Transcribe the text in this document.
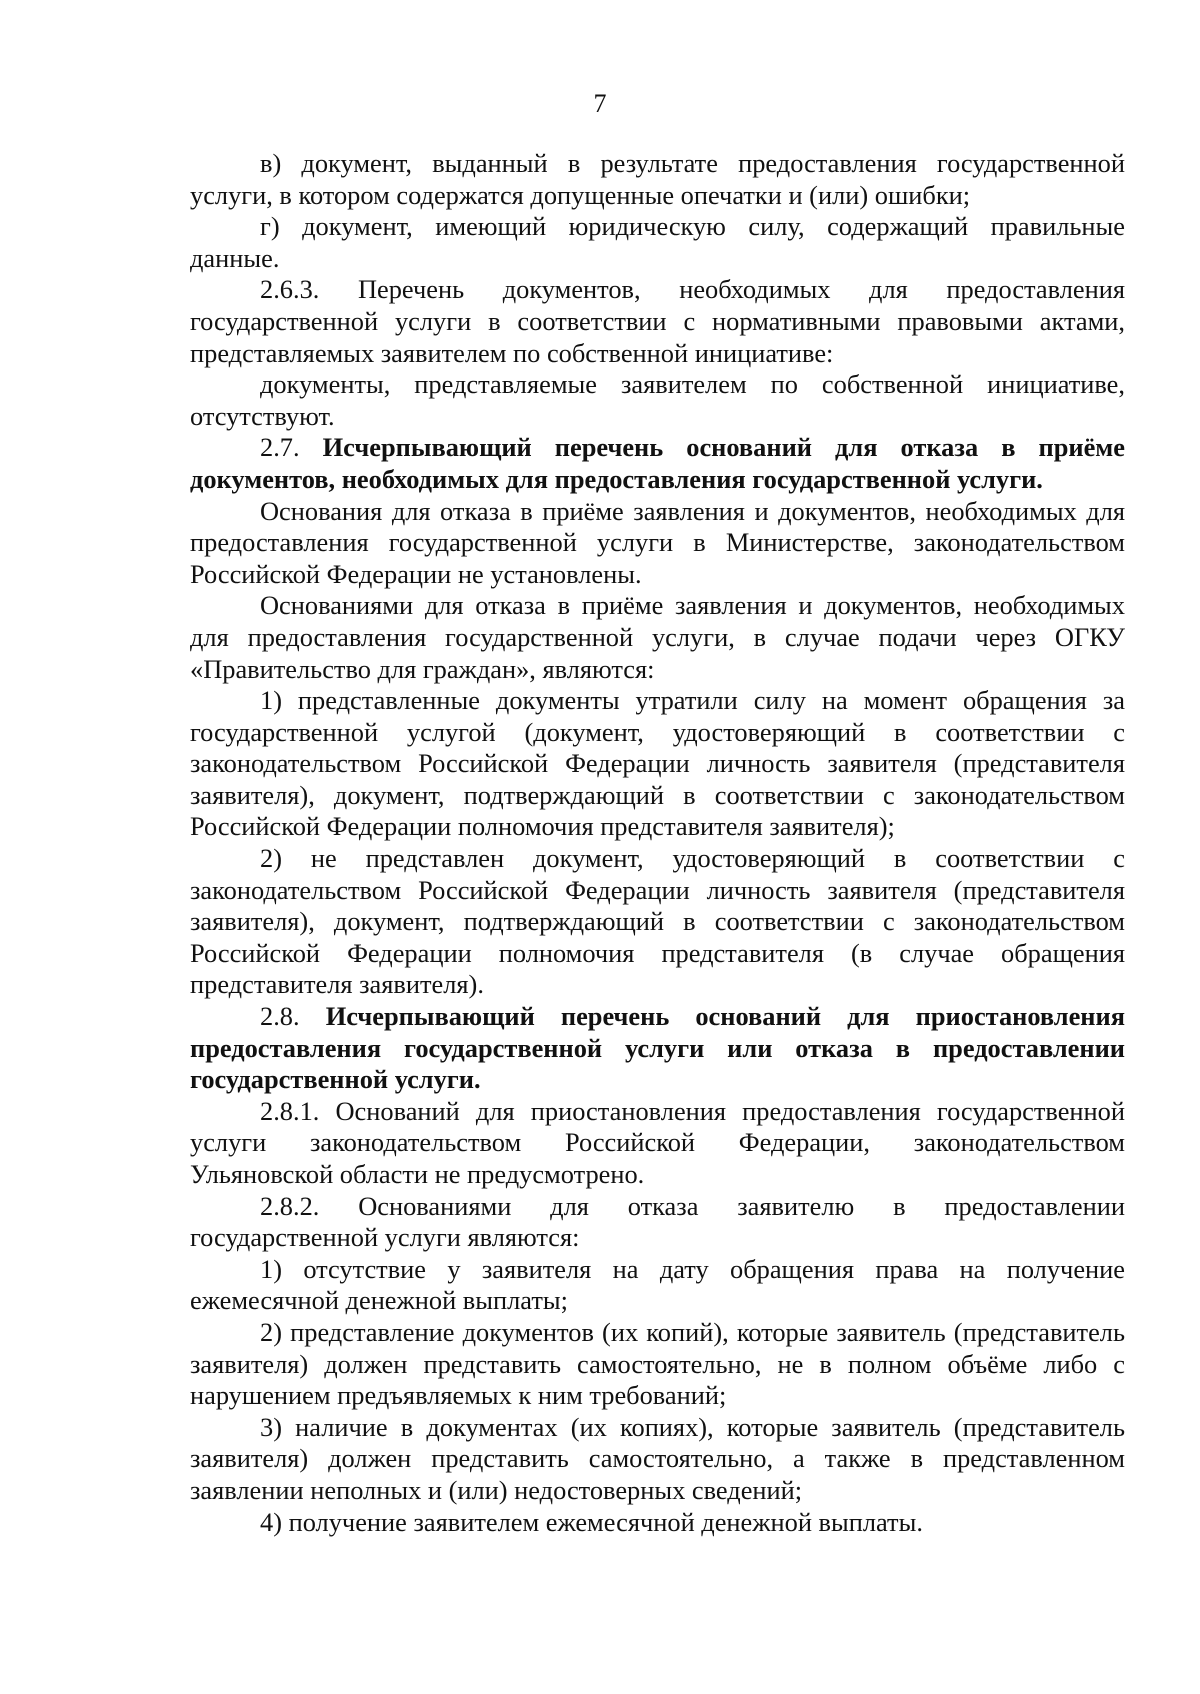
7

в) документ, выданный в результате предоставления государственной услуги, в котором содержатся допущенные опечатки и (или) ошибки;

г) документ, имеющий юридическую силу, содержащий правильные данные.

2.6.3. Перечень документов, необходимых для предоставления государственной услуги в соответствии с нормативными правовыми актами, представляемых заявителем по собственной инициативе:

документы, представляемые заявителем по собственной инициативе, отсутствуют.

2.7. Исчерпывающий перечень оснований для отказа в приёме документов, необходимых для предоставления государственной услуги.

Основания для отказа в приёме заявления и документов, необходимых для предоставления государственной услуги в Министерстве, законодательством Российской Федерации не установлены.

Основаниями для отказа в приёме заявления и документов, необходимых для предоставления государственной услуги, в случае подачи через ОГКУ «Правительство для граждан», являются:

1) представленные документы утратили силу на момент обращения за государственной услугой (документ, удостоверяющий в соответствии с законодательством Российской Федерации личность заявителя (представителя заявителя), документ, подтверждающий в соответствии с законодательством Российской Федерации полномочия представителя заявителя);

2) не представлен документ, удостоверяющий в соответствии с законодательством Российской Федерации личность заявителя (представителя заявителя), документ, подтверждающий в соответствии с законодательством Российской Федерации полномочия представителя (в случае обращения представителя заявителя).

2.8. Исчерпывающий перечень оснований для приостановления предоставления государственной услуги или отказа в предоставлении государственной услуги.

2.8.1. Оснований для приостановления предоставления государственной услуги законодательством Российской Федерации, законодательством Ульяновской области не предусмотрено.

2.8.2. Основаниями для отказа заявителю в предоставлении государственной услуги являются:

1) отсутствие у заявителя на дату обращения права на получение ежемесячной денежной выплаты;

2) представление документов (их копий), которые заявитель (представитель заявителя) должен представить самостоятельно, не в полном объёме либо с нарушением предъявляемых к ним требований;

3) наличие в документах (их копиях), которые заявитель (представитель заявителя) должен представить самостоятельно, а также в представленном заявлении неполных и (или) недостоверных сведений;

4) получение заявителем ежемесячной денежной выплаты.
